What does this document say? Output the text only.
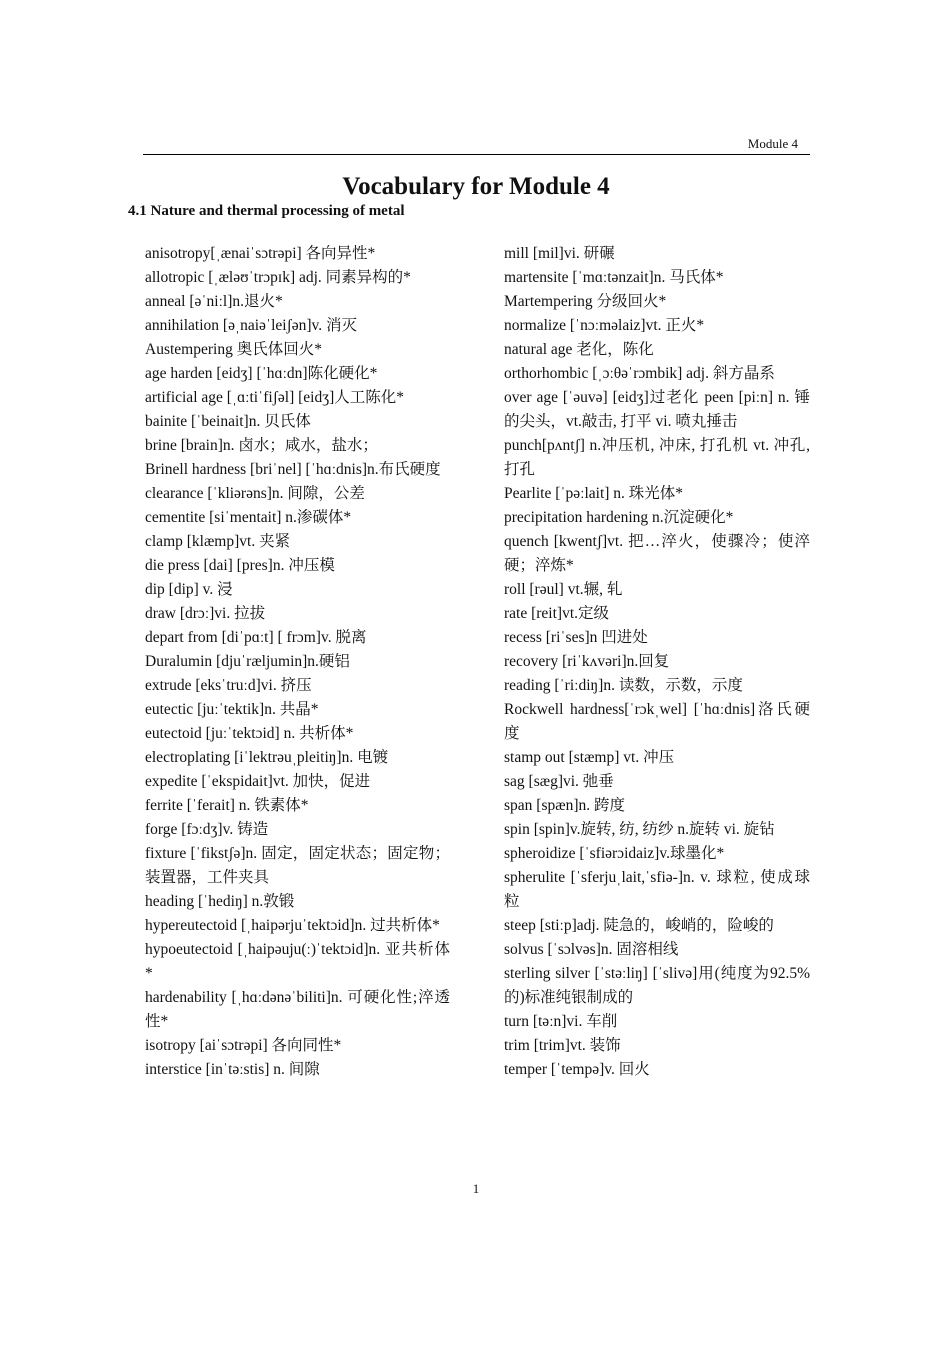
Module 4
Vocabulary for Module 4
4.1 Nature and thermal processing of metal

anisotropy[ˌænaiˈsɔtrəpi] 各向异性*

allotropic [ˌæləʊˈtrɔpɪk] adj. 同素异构的*

anneal [əˈniːl]n.退火*

annihilation [əˌnaiəˈleiʃən]v. 消灭

Austempering 奥氏体回火*

age harden [eidʒ] [ˈhɑːdn]陈化硬化*

artificial age [ˌɑːtiˈfiʃəl] [eidʒ]人工陈化*

bainite [ˈbeinait]n. 贝氏体

brine [brain]n. 卤水；咸水，盐水；

Brinell hardness [briˈnel] [ˈhɑːdnis]n.布氏硬度

clearance [ˈkliərəns]n. 间隙，公差

cementite [siˈmentait] n.渗碳体*

clamp [klæmp]vt. 夹紧

die press [dai] [pres]n. 冲压模

dip [dip] v. 浸

draw [drɔː]vi. 拉拔

depart from [diˈpɑːt] [ frɔm]v. 脱离

Duralumin [djuˈræljumin]n.硬铝

extrude [eksˈtruːd]vi. 挤压

eutectic [juːˈtektik]n. 共晶*

eutectoid [juːˈtektɔid] n. 共析体*

electroplating [iˈlektrəuˌpleitiŋ]n. 电镀

expedite [ˈekspidait]vt. 加快，促进

ferrite [ˈferait] n. 铁素体*

forge [fɔːdʒ]v. 铸造

fixture [ˈfikstʃə]n. 固定，固定状态；固定物； 装置器，工件夹具

heading [ˈhediŋ] n.敦锻

hypereutectoid [ˌhaipərjuˈtektɔid]n. 过共析体*

hypoeutectoid [ˌhaipəuju(ː)ˈtektɔid]n. 亚共析体*

hardenability [ˌhɑːdənəˈbiliti]n. 可硬化性;淬透性*

isotropy [aiˈsɔtrəpi] 各向同性*

interstice [inˈtəːstis] n. 间隙

mill [mil]vi. 研碾

martensite [ˈmɑːtənzait]n. 马氏体*

Martempering 分级回火*

normalize [ˈnɔːməlaiz]vt. 正火*

natural age 老化，陈化

orthorhombic [ˌɔːθəˈrɔmbik] adj. 斜方晶系

over age [ˈəuvə] [eidʒ]过老化 peen [piːn] n. 锤的尖头，vt.敲击, 打平 vi. 喷丸捶击

punch[pʌntʃ] n.冲压机, 冲床, 打孔机 vt. 冲孔, 打孔

Pearlite [ˈpəːlait] n. 珠光体*

precipitation hardening n.沉淀硬化*

quench [kwentʃ]vt. 把…淬火，使骤冷；使淬硬；淬炼*

roll [rəul] vt.辗, 轧

rate [reit]vt.定级

recess [riˈses]n 凹进处

recovery [riˈkʌvəri]n.回复

reading [ˈriːdiŋ]n. 读数，示数，示度

Rockwell hardness[ˈrɔkˌwel] [ˈhɑːdnis]洛氏硬度

stamp out [stæmp] vt. 冲压

sag [sæg]vi. 弛垂

span [spæn]n. 跨度

spin [spin]v.旋转, 纺, 纺纱 n.旋转 vi. 旋钻

spheroidize [ˈsfiərɔidaiz]v.球墨化*

spherulite [ˈsferjuˌlait,ˈsfiə-]n. v. 球粒, 使成球粒

steep [stiːp]adj. 陡急的，峻峭的，险峻的

solvus [ˈsɔlvəs]n. 固溶相线

sterling silver [ˈstəːliŋ] [ˈslivə]用(纯度为92.5%的)标准纯银制成的

turn [təːn]vi. 车削

trim [trim]vt. 装饰

temper [ˈtempə]v. 回火

1
